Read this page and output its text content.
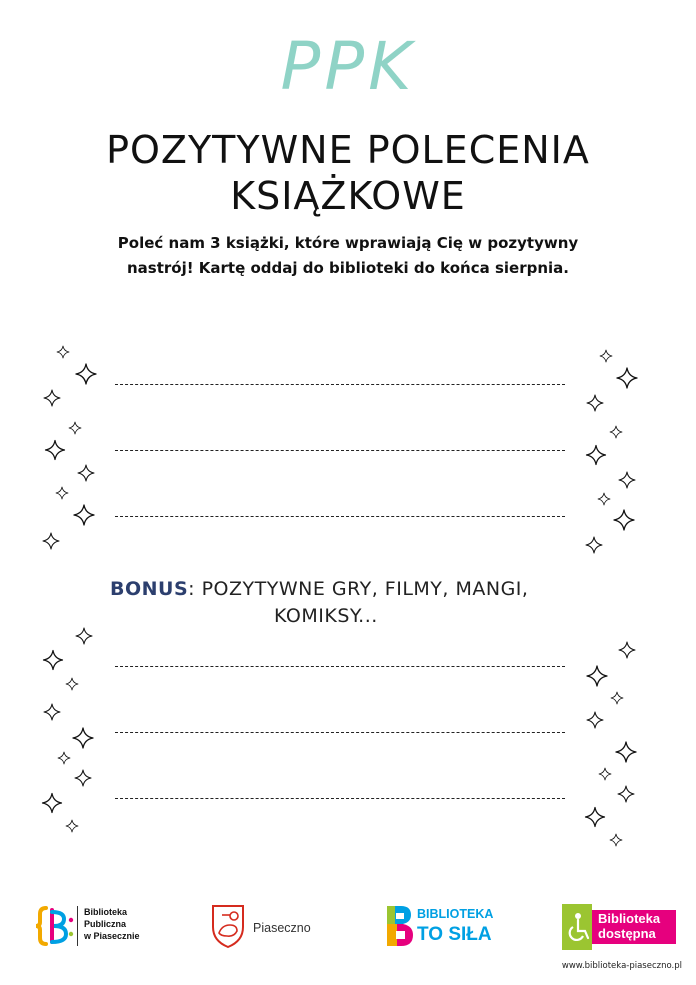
PPK
POZYTYWNE POLECENIA
KSIĄŻKOWE
Poleć nam 3 książki, które wprawiają Cię w pozytywny
nastrój! Kartę oddaj do biblioteki do końca sierpnia.
BONUS: POZYTYWNE GRY, FILMY, MANGI,
KOMIKSY...
Biblioteka
Publiczna
w Piasecznie
Piaseczno
BIBLIOTEKA
TO SIŁA
Biblioteka
dostępna
www.biblioteka-piaseczno.pl
